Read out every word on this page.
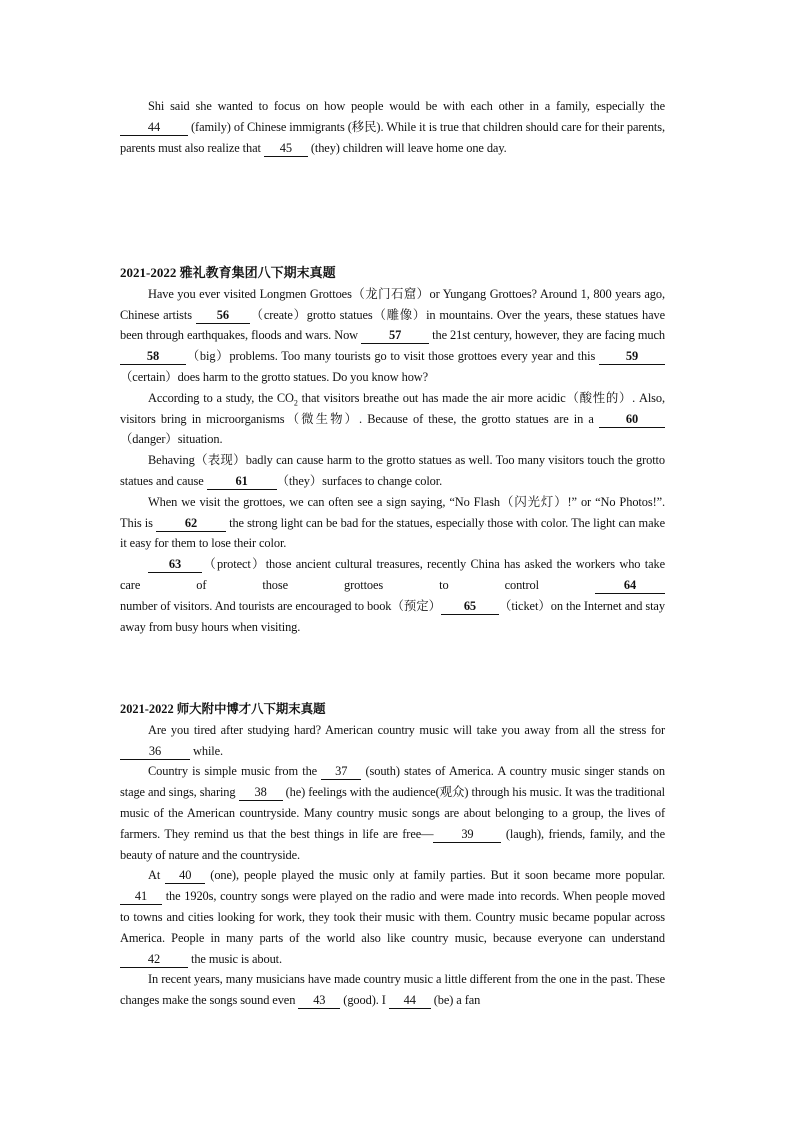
Shi said she wanted to focus on how people would be with each other in a family, especially the 44 (family) of Chinese immigrants (移民). While it is true that children should care for their parents, parents must also realize that 45 (they) children will leave home one day.

2021-2022 雅礼教育集团八下期末真题

Have you ever visited Longmen Grottoes（龙门石窟）or Yungang Grottoes? Around 1, 800 years ago, Chinese artists 56 （create）grotto statues（雕像）in mountains. Over the years, these statues have been through earthquakes, floods and wars. Now 57 the 21st century, however, they are facing much 58 （big）problems. Too many tourists go to visit those grottoes every year and this 59（certain）does harm to the grotto statues. Do you know how?

According to a study, the $CO_2$ that visitors breathe out has made the air more acidic（酸性的）. Also, visitors bring in microorganisms（微生物）. Because of these, the grotto statues are in a 60（danger）situation.

Behaving（表现）badly can cause harm to the grotto statues as well. Too many visitors touch the grotto statues and cause 61 （they）surfaces to change color.

When we visit the grottoes, we can often see a sign saying, “No Flash（闪光灯）!” or “No Photos!”. This is 62 the strong light can be bad for the statues, especially those with color. The light can make it easy for them to lose their color.

63 （protect）those ancient cultural treasures, recently China has asked the workers who take care of those grottoes to control 64 number of visitors. And tourists are encouraged to book（预定） 65 （ticket）on the Internet and stay away from busy hours when visiting.

2021-2022 师大附中博才八下期末真题

Are you tired after studying hard? American country music will take you away from all the stress for 36 while.

Country is simple music from the 37 (south) states of America. A country music singer stands on stage and sings, sharing 38 (he) feelings with the audience(观众) through his music. It was the traditional music of the American countryside. Many country music songs are about belonging to a group, the lives of farmers. They remind us that the best things in life are free— 39 (laugh), friends, family, and the beauty of nature and the countryside.

At 40 (one), people played the music only at family parties. But it soon became more popular. 41 the 1920s, country songs were played on the radio and were made into records. When people moved to towns and cities looking for work, they took their music with them. Country music became popular across America. People in many parts of the world also like country music, because everyone can understand 42 the music is about.

In recent years, many musicians have made country music a little different from the one in the past. These changes make the songs sound even 43 (good). I 44 (be) a fan
